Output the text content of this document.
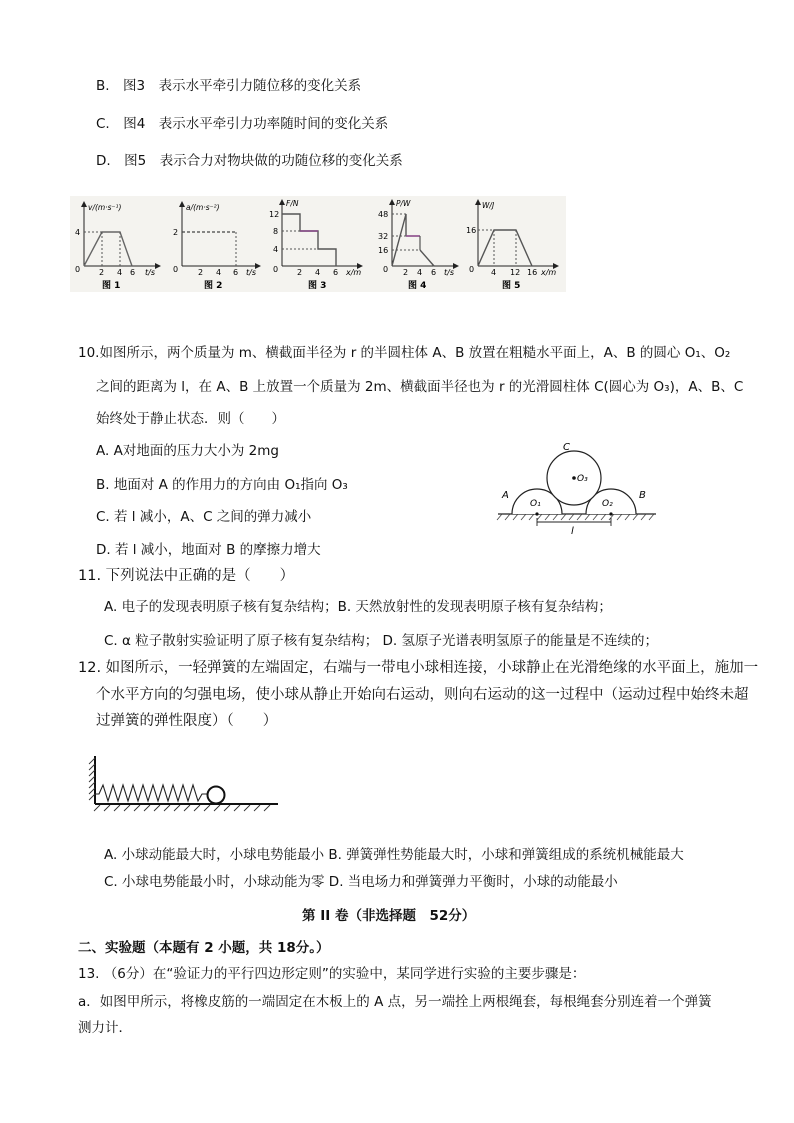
B.　图3　表示水平牵引力随位移的变化关系
C.　图4　表示水平牵引力功率随时间的变化关系
D.　图5　表示合力对物块做的功随位移的变化关系
v/(m·s⁻¹)
4
0 2 4 6 t/s
图 1
a/(m·s⁻²)
2
0 2 4 6 t/s
图 2
F/N
12
8
4
0 2 4 6 x/m
图 3
P/W
48
32
16
0 2 4 6 t/s
图 4
W/J
16
0 4 12 16 x/m
图 5
10.如图所示，两个质量为 m、横截面半径为 r 的半圆柱体 A、B 放置在粗糙水平面上，A、B 的圆心 O₁、O₂
之间的距离为 l，在 A、B 上放置一个质量为 2m、横截面半径也为 r 的光滑圆柱体 C(圆心为 O₃)，A、B、C
始终处于静止状态．则（　　）
A. A对地面的压力大小为 2mg
B. 地面对 A 的作用力的方向由 O₁指向 O₃
C. 若 l 减小，A、C 之间的弹力减小
D. 若 l 减小，地面对 B 的摩擦力增大
C
O₃
A
O₁	O₂
B
l
11. 下列说法中正确的是（　　）
A. 电子的发现表明原子核有复杂结构；B. 天然放射性的发现表明原子核有复杂结构；
C. α 粒子散射实验证明了原子核有复杂结构； D. 氢原子光谱表明氢原子的能量是不连续的；
12. 如图所示，一轻弹簧的左端固定，右端与一带电小球相连接，小球静止在光滑绝缘的水平面上，施加一
个水平方向的匀强电场，使小球从静止开始向右运动，则向右运动的这一过程中（运动过程中始终未超
过弹簧的弹性限度）（　　）
A. 小球动能最大时，小球电势能最小 B. 弹簧弹性势能最大时，小球和弹簧组成的系统机械能最大
C. 小球电势能最小时，小球动能为零 D. 当电场力和弹簧弹力平衡时，小球的动能最小
第 II 卷（非选择题　52分）
二、实验题（本题有 2 小题，共 18分。）
13. （6分）在“验证力的平行四边形定则”的实验中，某同学进行实验的主要步骤是：
a．如图甲所示，将橡皮筋的一端固定在木板上的 A 点，另一端拴上两根绳套，每根绳套分别连着一个弹簧
测力计．
